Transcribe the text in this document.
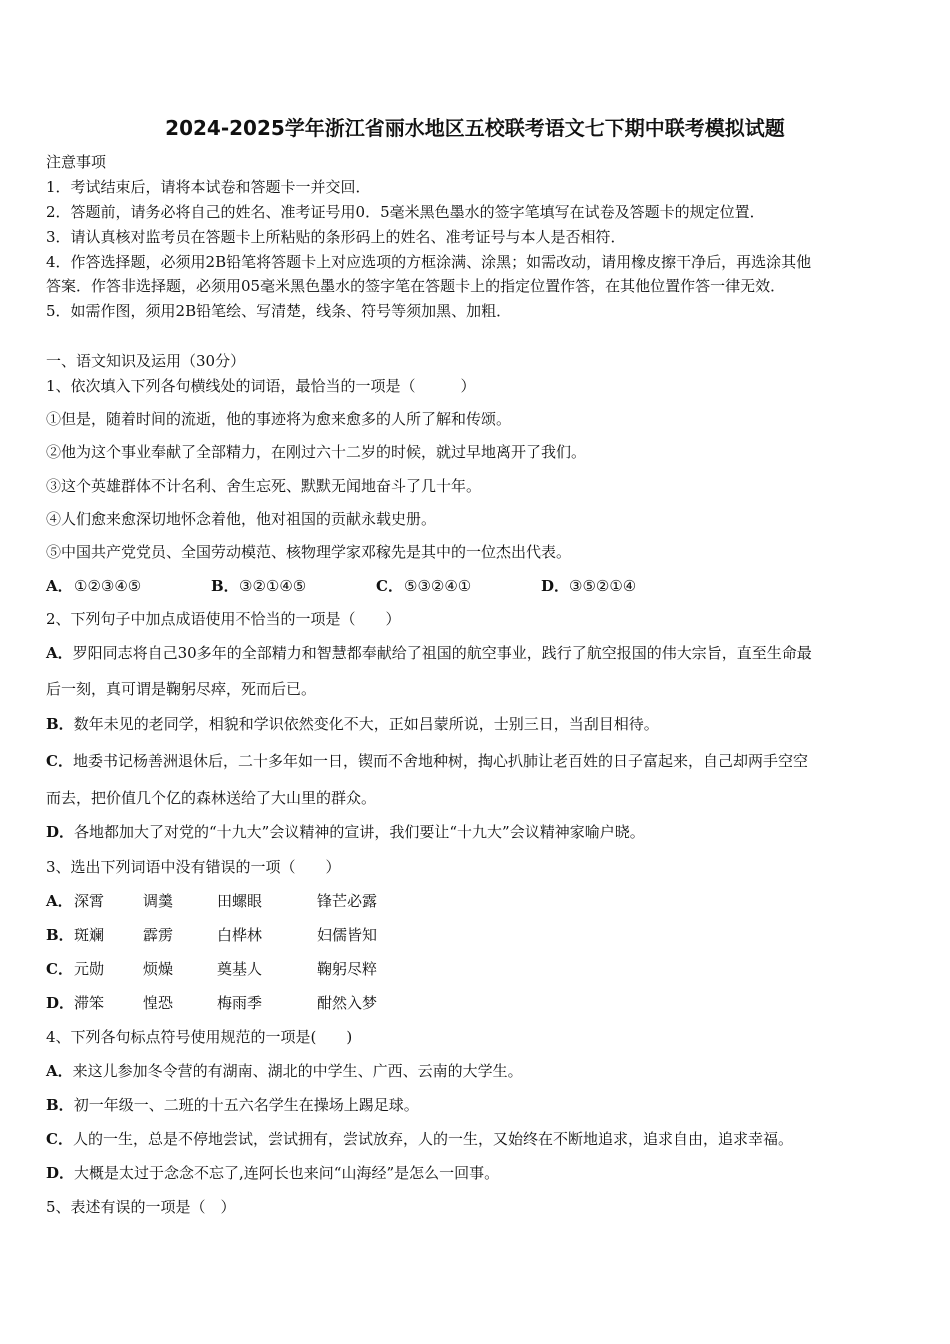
2024-2025学年浙江省丽水地区五校联考语文七下期中联考模拟试题
注意事项
1．考试结束后，请将本试卷和答题卡一并交回．
2．答题前，请务必将自己的姓名、准考证号用0．5毫米黑色墨水的签字笔填写在试卷及答题卡的规定位置．
3．请认真核对监考员在答题卡上所粘贴的条形码上的姓名、准考证号与本人是否相符．
4．作答选择题，必须用2B铅笔将答题卡上对应选项的方框涂满、涂黑；如需改动，请用橡皮擦干净后，再选涂其他
答案．作答非选择题，必须用05毫米黑色墨水的签字笔在答题卡上的指定位置作答，在其他位置作答一律无效．
5．如需作图，须用2B铅笔绘、写清楚，线条、符号等须加黑、加粗．
一、语文知识及运用（30分）
1、依次填入下列各句横线处的词语，最恰当的一项是（　　　）
①但是，随着时间的流逝，他的事迹将为愈来愈多的人所了解和传颂。
②他为这个事业奉献了全部精力，在刚过六十二岁的时候，就过早地离开了我们。
③这个英雄群体不计名利、舍生忘死、默默无闻地奋斗了几十年。
④人们愈来愈深切地怀念着他，他对祖国的贡献永载史册。
⑤中国共产党党员、全国劳动模范、核物理学家邓稼先是其中的一位杰出代表。
A． ①②③④⑤	B． ③②①④⑤	C． ⑤③②④①	D． ③⑤②①④
2、下列句子中加点成语使用不恰当的一项是（　　）
A．罗阳同志将自己30多年的全部精力和智慧都奉献给了祖国的航空事业，践行了航空报国的伟大宗旨，直至生命最
后一刻，真可谓是鞠躬尽瘁，死而后已。
B．数年未见的老同学，相貌和学识依然变化不大，正如吕蒙所说，士别三日，当刮目相待。
C．地委书记杨善洲退休后，二十多年如一日，锲而不舍地种树，掏心扒肺让老百姓的日子富起来，自己却两手空空
而去，把价值几个亿的森林送给了大山里的群众。
D．各地都加大了对党的“十九大”会议精神的宣讲，我们要让“十九大”会议精神家喻户晓。
3、选出下列词语中没有错误的一项（　　）
A． 深霄	调羹	田螺眼	锋芒必露
B． 斑斓	霹雳	白桦林	妇儒皆知
C． 元勋	烦燥	奠基人	鞠躬尽粹
D． 滞笨	惶恐	梅雨季	酣然入梦
4、下列各句标点符号使用规范的一项是(　　)
A．来这儿参加冬令营的有湖南、湖北的中学生、广西、云南的大学生。
B．初一年级一、二班的十五六名学生在操场上踢足球。
C．人的一生，总是不停地尝试，尝试拥有，尝试放弃，人的一生，又始终在不断地追求，追求自由，追求幸福。
D．大概是太过于念念不忘了,连阿长也来问“山海经”是怎么一回事。
5、表述有误的一项是（　）
